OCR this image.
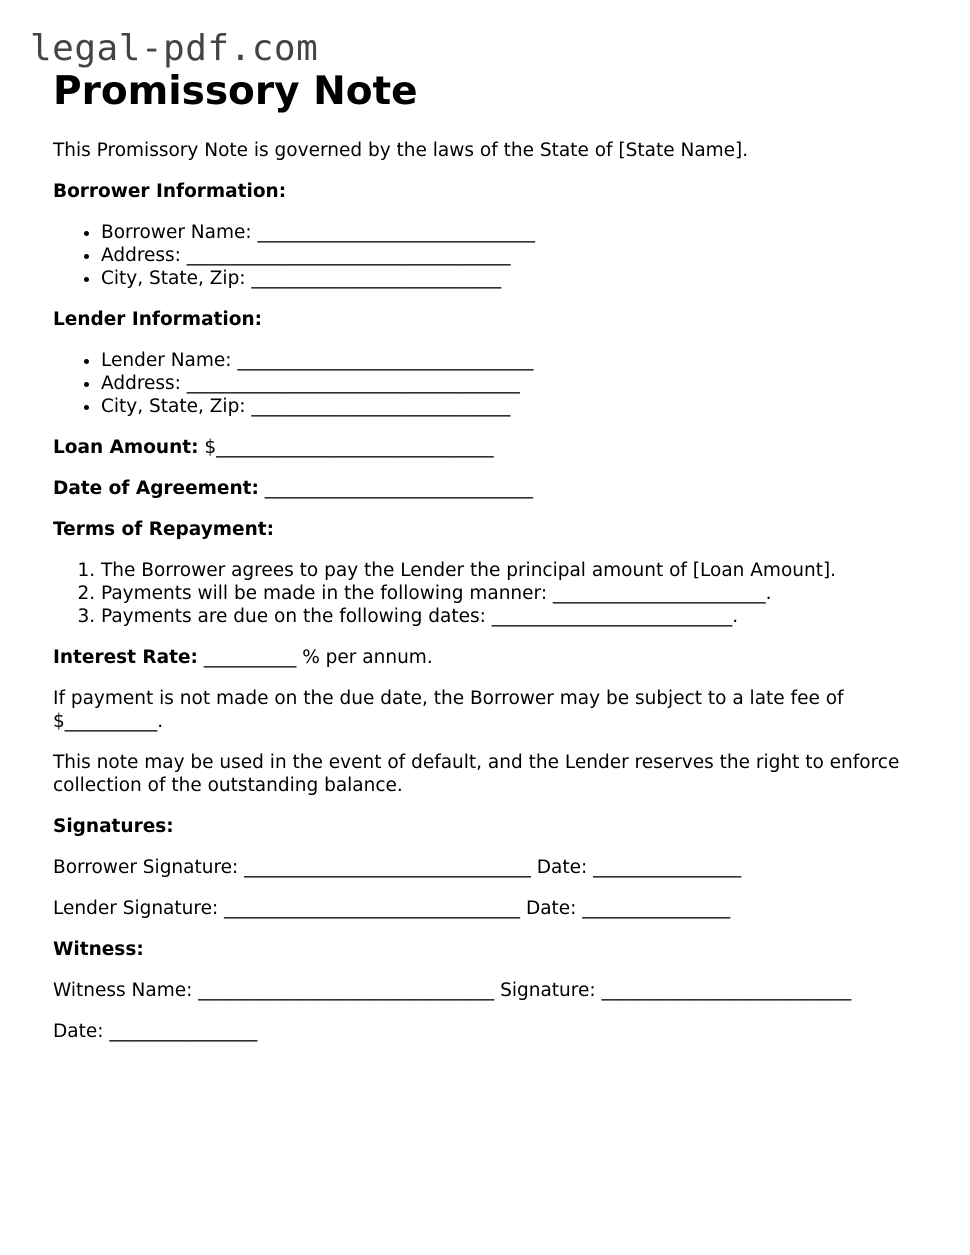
legal-pdf.com
Promissory Note

This Promissory Note is governed by the laws of the State of [State Name].

Borrower Information:

• Borrower Name: ______________________________
• Address: ___________________________________
• City, State, Zip: ___________________________

Lender Information:

• Lender Name: ________________________________
• Address: ____________________________________
• City, State, Zip: ____________________________

Loan Amount: $______________________________

Date of Agreement: _____________________________

Terms of Repayment:

1. The Borrower agrees to pay the Lender the principal amount of [Loan Amount].
2. Payments will be made in the following manner: _______________________.
3. Payments are due on the following dates: __________________________.

Interest Rate: __________ % per annum.

If payment is not made on the due date, the Borrower may be subject to a late fee of $__________.

This note may be used in the event of default, and the Lender reserves the right to enforce collection of the outstanding balance.

Signatures:

Borrower Signature: _______________________________ Date: ________________

Lender Signature: ________________________________ Date: ________________

Witness:

Witness Name: ________________________________ Signature: ___________________________

Date: ________________
